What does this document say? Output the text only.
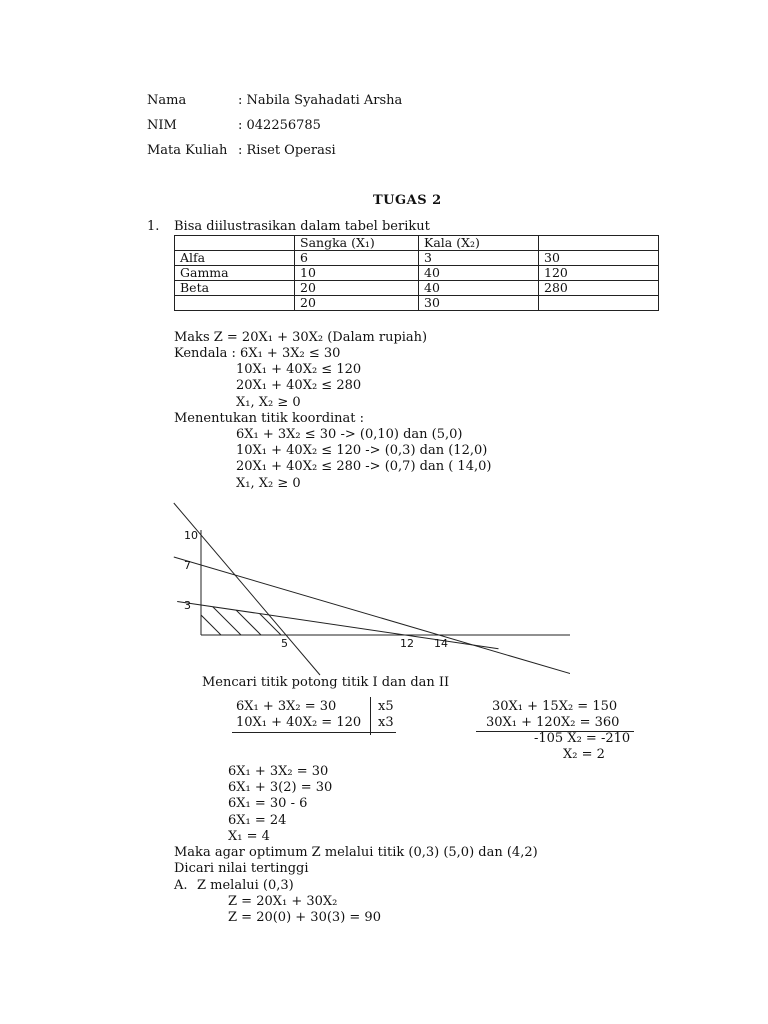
Nama	: Nabila Syahadati Arsha
NIM	: 042256785
Mata Kuliah : Riset Operasi
TUGAS 2
1. Bisa diilustrasikan dalam tabel berikut
	Sangka (X₁)	Kala (X₂)	
Alfa	6	3	30
Gamma	10	40	120
Beta	20	40	280
	20	30	
Maks Z = 20X₁ + 30X₂ (Dalam rupiah)
Kendala : 6X₁ + 3X₂ ≤ 30
10X₁ + 40X₂ ≤ 120
20X₁ + 40X₂ ≤ 280
X₁, X₂ ≥ 0
Menentukan titik koordinat :
6X₁ + 3X₂ ≤ 30 -> (0,10) dan (5,0)
10X₁ + 40X₂ ≤ 120 -> (0,3) dan (12,0)
20X₁ + 40X₂ ≤ 280 -> (0,7) dan ( 14,0)
X₁, X₂ ≥ 0
10
7
3
5	12 14
Mencari titik potong titik I dan dan II
6X₁ + 3X₂ = 30	x5
10X₁ + 40X₂ = 120 x3
30X₁ + 15X₂ = 150
30X₁ + 120X₂ = 360
-105 X₂ = -210
X₂ = 2
6X₁ + 3X₂ = 30
6X₁ + 3(2) = 30
6X₁ = 30 - 6
6X₁ = 24
X₁ = 4
Maka agar optimum Z melalui titik (0,3) (5,0) dan (4,2)
Dicari nilai tertinggi
A. Z melalui (0,3)
Z = 20X₁ + 30X₂
Z = 20(0) + 30(3) = 90
